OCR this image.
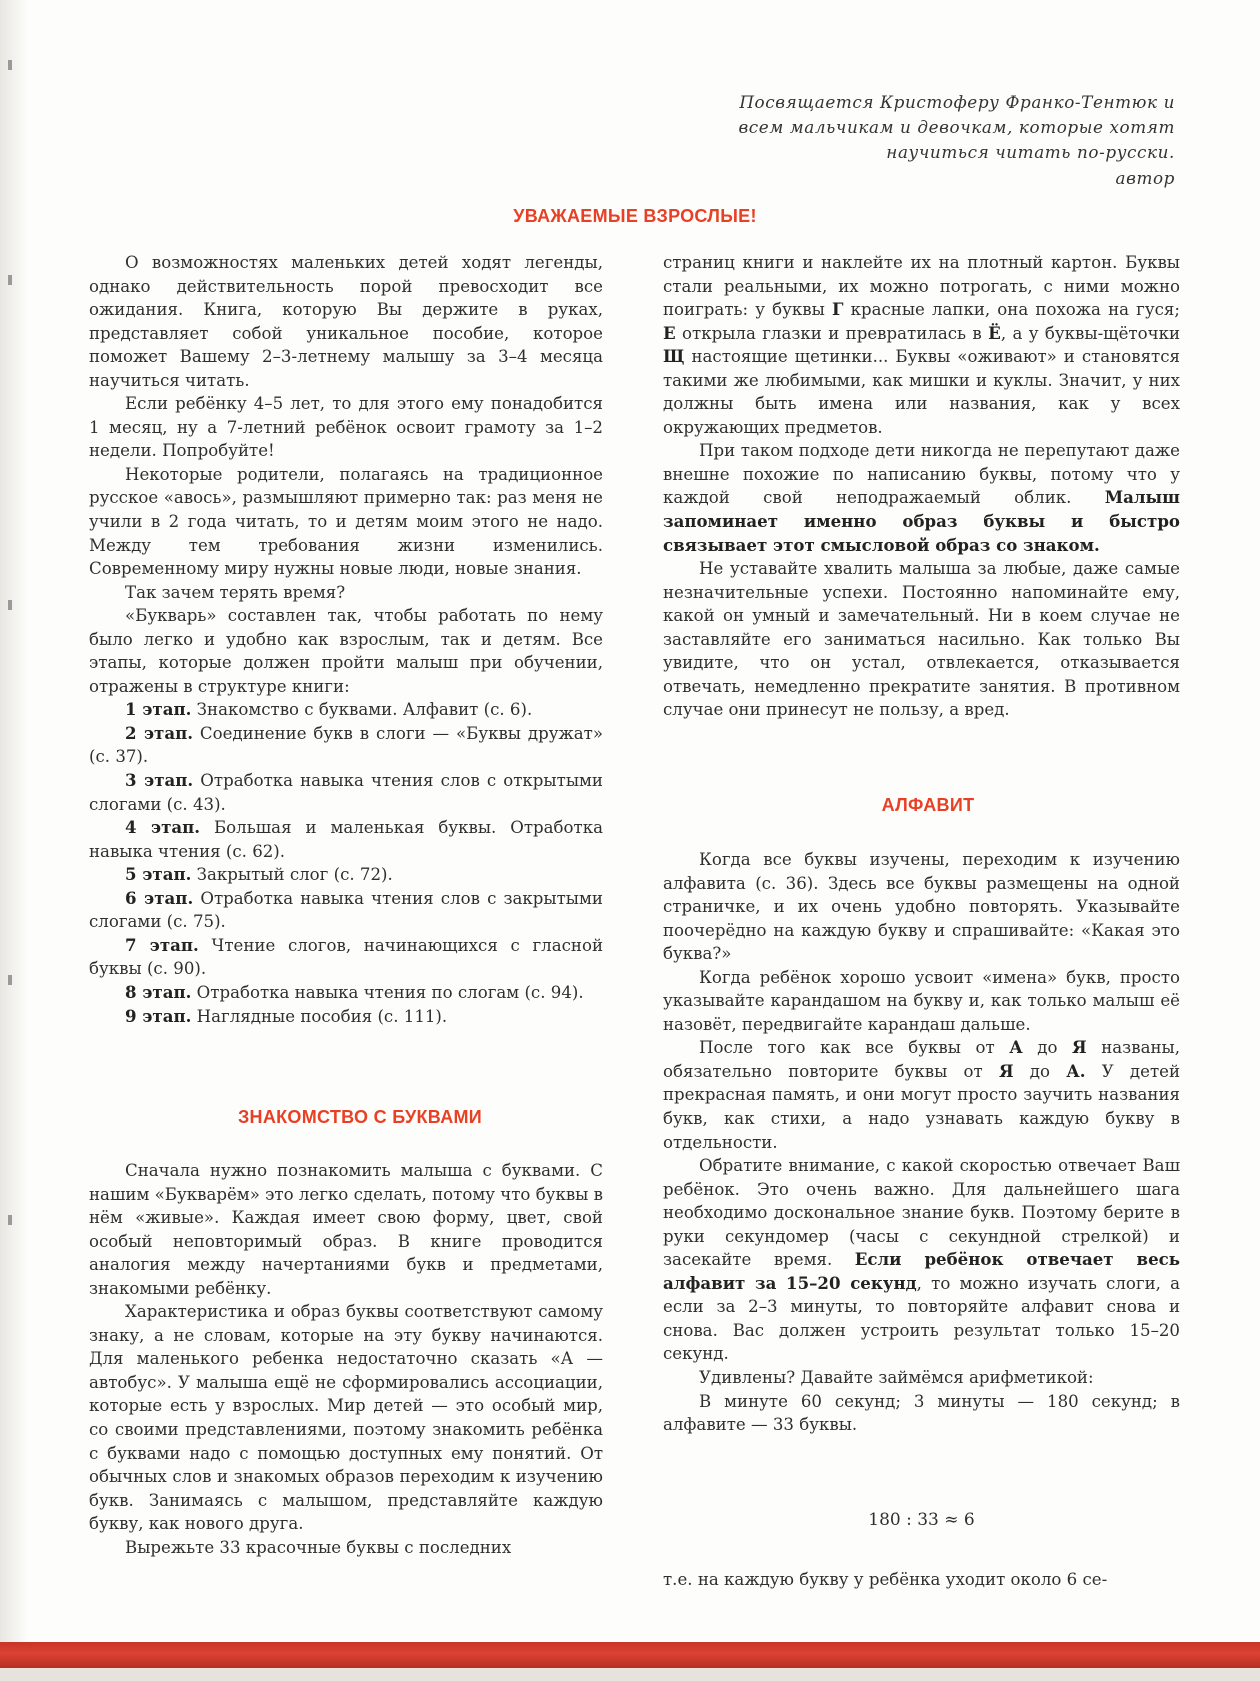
Посвящается Кристоферу Франко-Тентюк и
всем мальчикам и девочкам, которые хотят
научиться читать по-русски.
автор
УВАЖАЕМЫЕ ВЗРОСЛЫЕ!

О возможностях маленьких детей ходят легенды, однако действительность порой превосходит все ожидания. Книга, которую Вы держите в руках, представляет собой уникальное пособие, которое поможет Вашему 2–3-летнему малышу за 3–4 месяца научиться читать.

Если ребёнку 4–5 лет, то для этого ему понадобится 1 месяц, ну а 7-летний ребёнок освоит грамоту за 1–2 недели. Попробуйте!

Некоторые родители, полагаясь на традиционное русское «авось», размышляют примерно так: раз меня не учили в 2 года читать, то и детям моим этого не надо. Между тем требования жизни изменились. Современному миру нужны новые люди, новые знания.

Так зачем терять время?

«Букварь» составлен так, чтобы работать по нему было легко и удобно как взрослым, так и детям. Все этапы, которые должен пройти малыш при обучении, отражены в структуре книги:

1 этап. Знакомство с буквами. Алфавит (с. 6).

2 этап. Соединение букв в слоги — «Буквы дружат» (с. 37).

3 этап. Отработка навыка чтения слов с открытыми слогами (с. 43).

4 этап. Большая и маленькая буквы. Отработка навыка чтения (с. 62).

5 этап. Закрытый слог (с. 72).

6 этап. Отработка навыка чтения слов с закрытыми слогами (с. 75).

7 этап. Чтение слогов, начинающихся с гласной буквы (с. 90).

8 этап. Отработка навыка чтения по слогам (с. 94).

9 этап. Наглядные пособия (с. 111).

ЗНАКОМСТВО С БУКВАМИ

Сначала нужно познакомить малыша с буквами. С нашим «Букварём» это легко сделать, потому что буквы в нём «живые». Каждая имеет свою форму, цвет, свой особый неповторимый образ. В книге проводится аналогия между начертаниями букв и предметами, знакомыми ребёнку.

Характеристика и образ буквы соответствуют самому знаку, а не словам, которые на эту букву начинаются. Для маленького ребенка недостаточно сказать «А — автобус». У малыша ещё не сформировались ассоциации, которые есть у взрослых. Мир детей — это особый мир, со своими представлениями, поэтому знакомить ребёнка с буквами надо с помощью доступных ему понятий. От обычных слов и знакомых образов переходим к изучению букв. Занимаясь с малышом, представляйте каждую букву, как нового друга.

Вырежьте 33 красочные буквы с последних

страниц книги и наклейте их на плотный картон. Буквы стали реальными, их можно потрогать, с ними можно поиграть: у буквы Г красные лапки, она похожа на гуся; Е открыла глазки и превратилась в Ё, а у буквы-щёточки Щ настоящие щетинки... Буквы «оживают» и становятся такими же любимыми, как мишки и куклы. Значит, у них должны быть имена или названия, как у всех окружающих предметов.

При таком подходе дети никогда не перепутают даже внешне похожие по написанию буквы, потому что у каждой свой неподражаемый облик. Малыш запоминает именно образ буквы и быстро связывает этот смысловой образ со знаком.

Не уставайте хвалить малыша за любые, даже самые незначительные успехи. Постоянно напоминайте ему, какой он умный и замечательный. Ни в коем случае не заставляйте его заниматься насильно. Как только Вы увидите, что он устал, отвлекается, отказывается отвечать, немедленно прекратите занятия. В противном случае они принесут не пользу, а вред.

АЛФАВИТ

Когда все буквы изучены, переходим к изучению алфавита (с. 36). Здесь все буквы размещены на одной страничке, и их очень удобно повторять. Указывайте поочерёдно на каждую букву и спрашивайте: «Какая это буква?»

Когда ребёнок хорошо усвоит «имена» букв, просто указывайте карандашом на букву и, как только малыш её назовёт, передвигайте карандаш дальше.

После того как все буквы от А до Я названы, обязательно повторите буквы от Я до А. У детей прекрасная память, и они могут просто заучить названия букв, как стихи, а надо узнавать каждую букву в отдельности.

Обратите внимание, с какой скоростью отвечает Ваш ребёнок. Это очень важно. Для дальнейшего шага необходимо доскональное знание букв. Поэтому берите в руки секундомер (часы с секундной стрелкой) и засекайте время. Если ребёнок отвечает весь алфавит за 15–20 секунд, то можно изучать слоги, а если за 2–3 минуты, то повторяйте алфавит снова и снова. Вас должен устроить результат только 15–20 секунд.

Удивлены? Давайте займёмся арифметикой:

В минуте 60 секунд; 3 минуты — 180 секунд; в алфавите — 33 буквы.

180 : 33 ≈ 6
т.е. на каждую букву у ребёнка уходит около 6 се-
